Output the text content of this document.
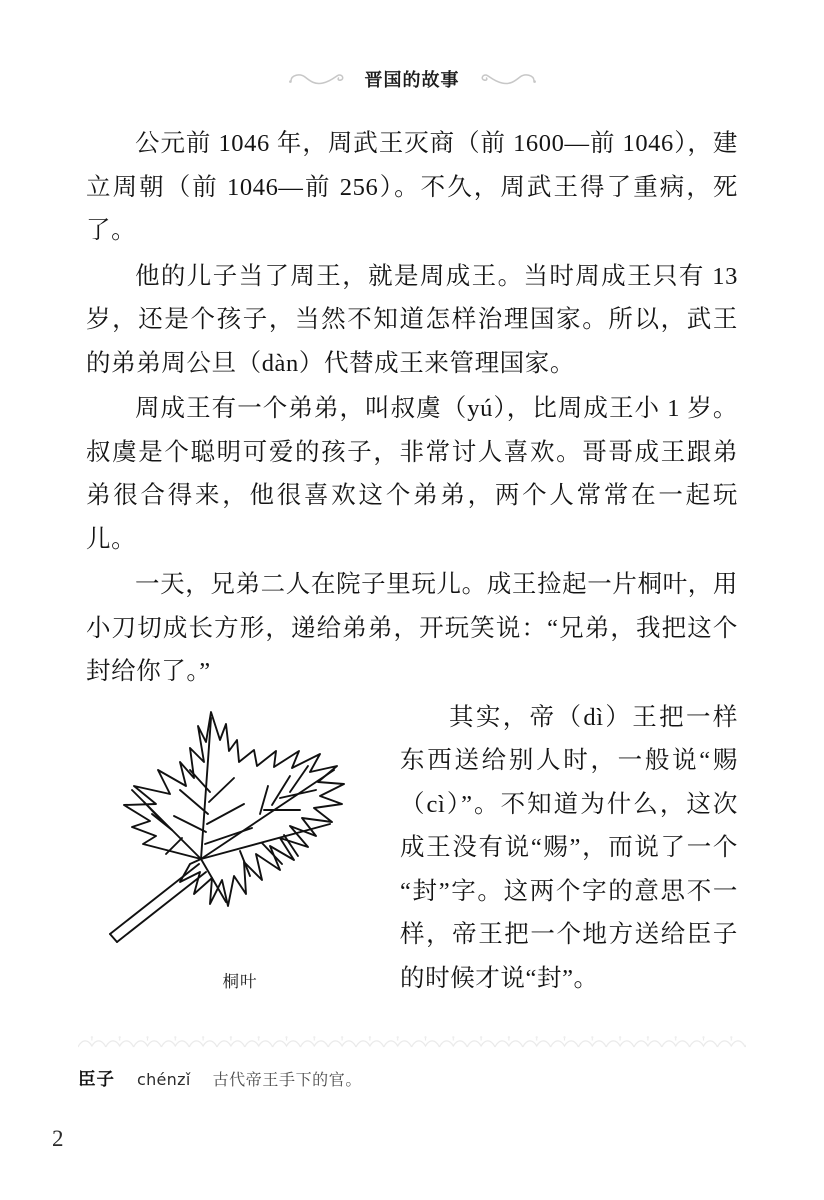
晋国的故事

公元前 1046 年，周武王灭商（前 1600—前 1046），建立周朝（前 1046—前 256）。不久，周武王得了重病，死了。

他的儿子当了周王，就是周成王。当时周成王只有 13 岁，还是个孩子，当然不知道怎样治理国家。所以，武王的弟弟周公旦（dàn）代替成王来管理国家。

周成王有一个弟弟，叫叔虞（yú），比周成王小 1 岁。叔虞是个聪明可爱的孩子，非常讨人喜欢。哥哥成王跟弟弟很合得来，他很喜欢这个弟弟，两个人常常在一起玩儿。

一天，兄弟二人在院子里玩儿。成王捡起一片桐叶，用小刀切成长方形，递给弟弟，开玩笑说：“兄弟，我把这个封给你了。”

桐叶

其实，帝（dì）王把一样东西送给别人时，一般说“赐（cì）”。不知道为什么，这次成王没有说“赐”，而说了一个“封”字。这两个字的意思不一样，帝王把一个地方送给臣子的时候才说“封”。

臣子 chénzǐ 古代帝王手下的官。
2
